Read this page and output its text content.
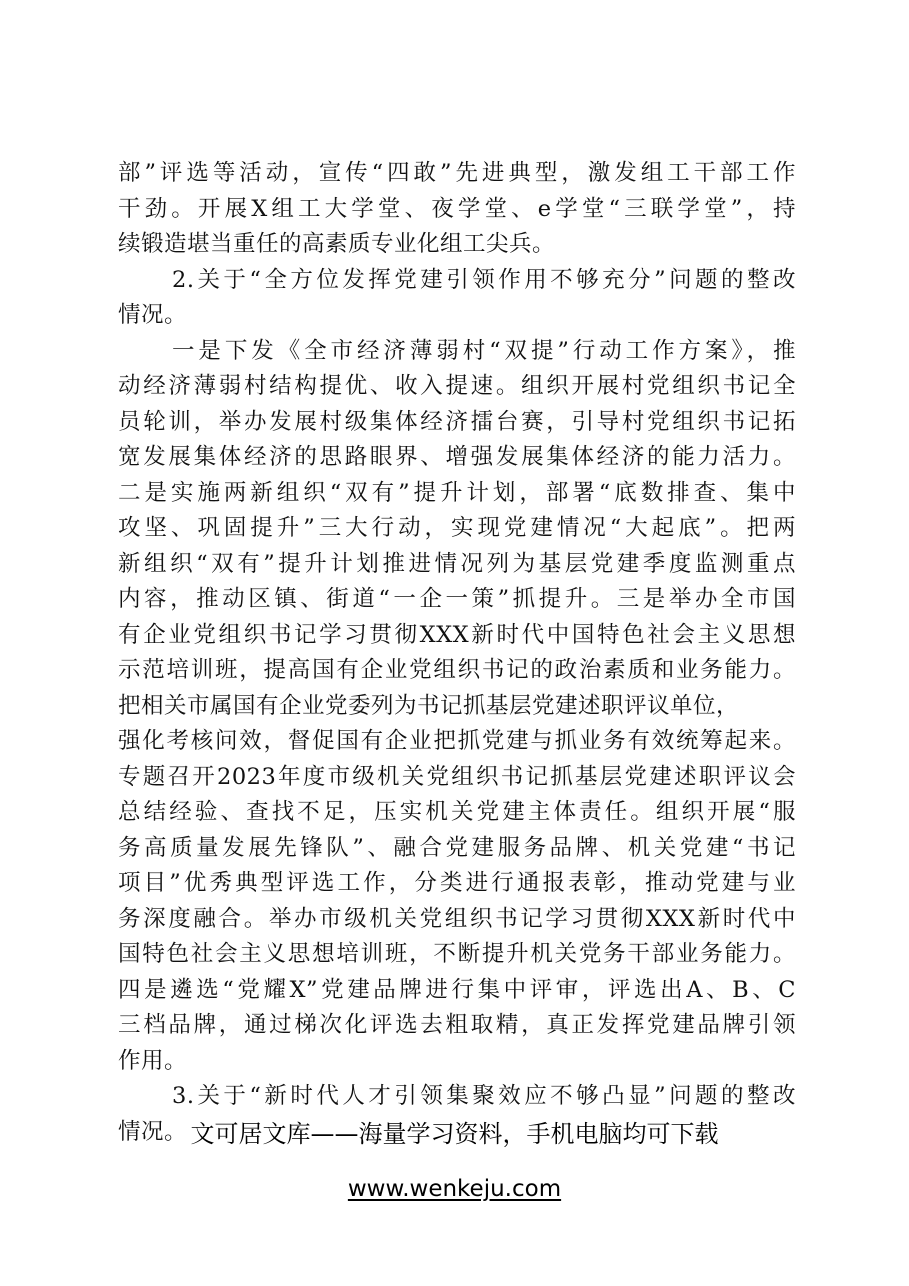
部”评选等活动，宣传“四敢”先进典型，激发组工干部工作
干劲。开展X组工大学堂、夜学堂、e学堂“三联学堂”，持
续锻造堪当重任的高素质专业化组工尖兵。
2.关于“全方位发挥党建引领作用不够充分”问题的整改
情况。
一是下发《全市经济薄弱村“双提”行动工作方案》，推
动经济薄弱村结构提优、收入提速。组织开展村党组织书记全
员轮训，举办发展村级集体经济擂台赛，引导村党组织书记拓
宽发展集体经济的思路眼界、增强发展集体经济的能力活力。
二是实施两新组织“双有”提升计划，部署“底数排查、集中
攻坚、巩固提升”三大行动，实现党建情况“大起底”。把两
新组织“双有”提升计划推进情况列为基层党建季度监测重点
内容，推动区镇、街道“一企一策”抓提升。三是举办全市国
有企业党组织书记学习贯彻XXX新时代中国特色社会主义思想
示范培训班，提高国有企业党组织书记的政治素质和业务能力。
把相关市属国有企业党委列为书记抓基层党建述职评议单位，
强化考核问效，督促国有企业把抓党建与抓业务有效统筹起来。
专题召开2023年度市级机关党组织书记抓基层党建述职评议会
总结经验、查找不足，压实机关党建主体责任。组织开展“服
务高质量发展先锋队”、融合党建服务品牌、机关党建“书记
项目”优秀典型评选工作，分类进行通报表彰，推动党建与业
务深度融合。举办市级机关党组织书记学习贯彻XXX新时代中
国特色社会主义思想培训班，不断提升机关党务干部业务能力。
四是遴选“党耀X”党建品牌进行集中评审，评选出A、B、C
三档品牌，通过梯次化评选去粗取精，真正发挥党建品牌引领
作用。
3.关于“新时代人才引领集聚效应不够凸显”问题的整改
情况。 文可居文库——海量学习资料，手机电脑均可下载
www.wenkeju.com
